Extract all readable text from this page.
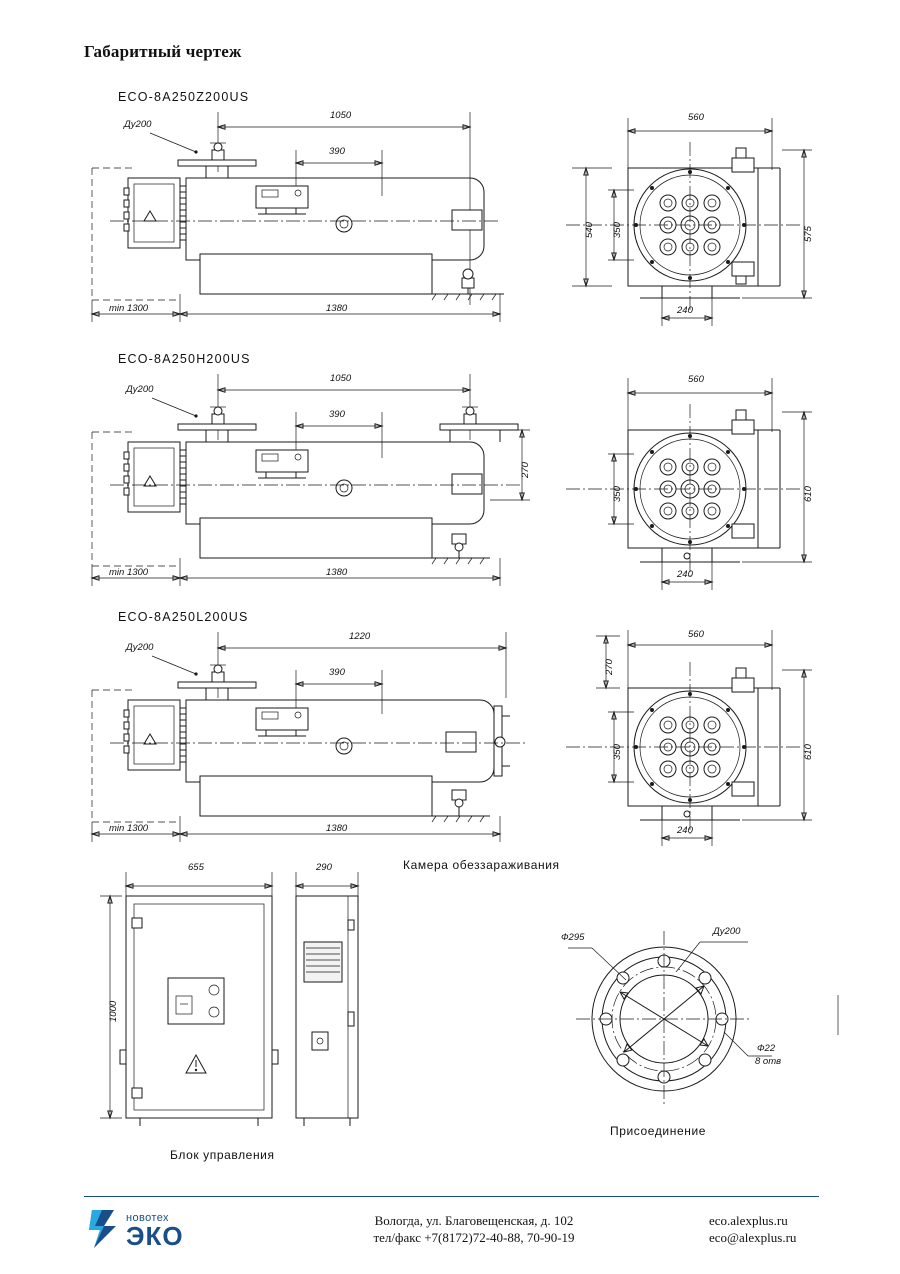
Габаритный чертеж
ECO-8A250Z200US
1050
390
Ду200
min 1300	1380
560
540 350	575
240
ECO-8A250H200US
1050
390
Ду200
270
min 1300	1380
560
350	610
240
ECO-8A250L200US
1220
390
Ду200
min 1300	1380
560
270
350	610
240
Камера обеззараживания
Блок управления
Присоединение
655	290
1000
Ф295
Ду200
Ф22
8 отв
новотех
ЭКО
Вологда, ул. Благовещенская, д. 102
тел/факс +7(8172)72-40-88, 70-90-19
eco.alexplus.ru
eco@alexplus.ru
